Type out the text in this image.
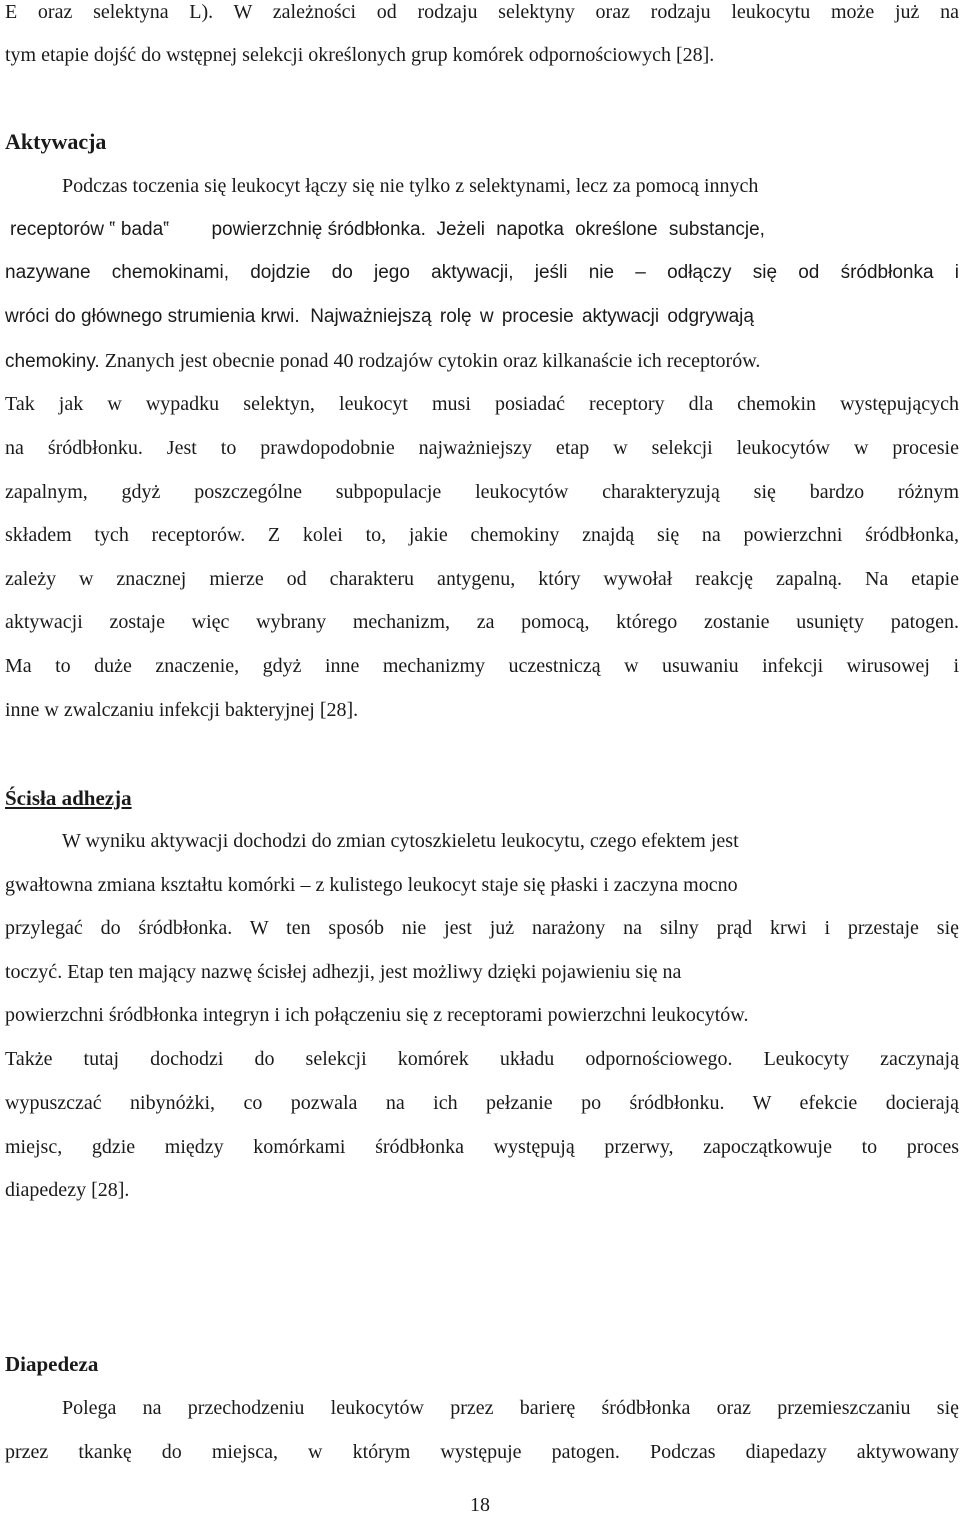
E oraz selektyna L). W zależności od rodzaju selektyny oraz rodzaju leukocytu może już na
tym etapie dojść do wstępnej selekcji określonych grup komórek odpornościowych [28].
Aktywacja
Podczas toczenia się leukocyt łączy się nie tylko z selektynami, lecz za pomocą innych
receptorów ‟ bada‟ powierzchnię śródbłonka. Jeżeli napotka określone substancje,
nazywane chemokinami, dojdzie do jego aktywacji, jeśli nie – odłączy się od śródbłonka i
wróci do głównego strumienia krwi. Najważniejszą rolę w procesie aktywacji odgrywają
chemokiny. Znanych jest obecnie ponad 40 rodzajów cytokin oraz kilkanaście ich receptorów.
Tak jak w wypadku selektyn, leukocyt musi posiadać receptory dla chemokin występujących
na śródbłonku. Jest to prawdopodobnie najważniejszy etap w selekcji leukocytów w procesie
zapalnym, gdyż poszczególne subpopulacje leukocytów charakteryzują się bardzo różnym
składem tych receptorów. Z kolei to, jakie chemokiny znajdą się na powierzchni śródbłonka,
zależy w znacznej mierze od charakteru antygenu, który wywołał reakcję zapalną. Na etapie
aktywacji zostaje więc wybrany mechanizm, za pomocą, którego zostanie usunięty patogen.
Ma to duże znaczenie, gdyż inne mechanizmy uczestniczą w usuwaniu infekcji wirusowej i
inne w zwalczaniu infekcji bakteryjnej [28].
Ścisła adhezja
W wyniku aktywacji dochodzi do zmian cytoszkieletu leukocytu, czego efektem jest
gwałtowna zmiana kształtu komórki – z kulistego leukocyt staje się płaski i zaczyna mocno
przylegać do śródbłonka. W ten sposób nie jest już narażony na silny prąd krwi i przestaje się
toczyć. Etap ten mający nazwę ścisłej adhezji, jest możliwy dzięki pojawieniu się na
powierzchni śródbłonka integryn i ich połączeniu się z receptorami powierzchni leukocytów.
Także tutaj dochodzi do selekcji komórek układu odpornościowego. Leukocyty zaczynają
wypuszczać nibynóżki, co pozwala na ich pełzanie po śródbłonku. W efekcie docierają
miejsc, gdzie między komórkami śródbłonka występują przerwy, zapoczątkowuje to proces
diapedezy [28].
Diapedeza
Polega na przechodzeniu leukocytów przez barierę śródbłonka oraz przemieszczaniu się
przez tkankę do miejsca, w którym występuje patogen. Podczas diapedazy aktywowany
18
